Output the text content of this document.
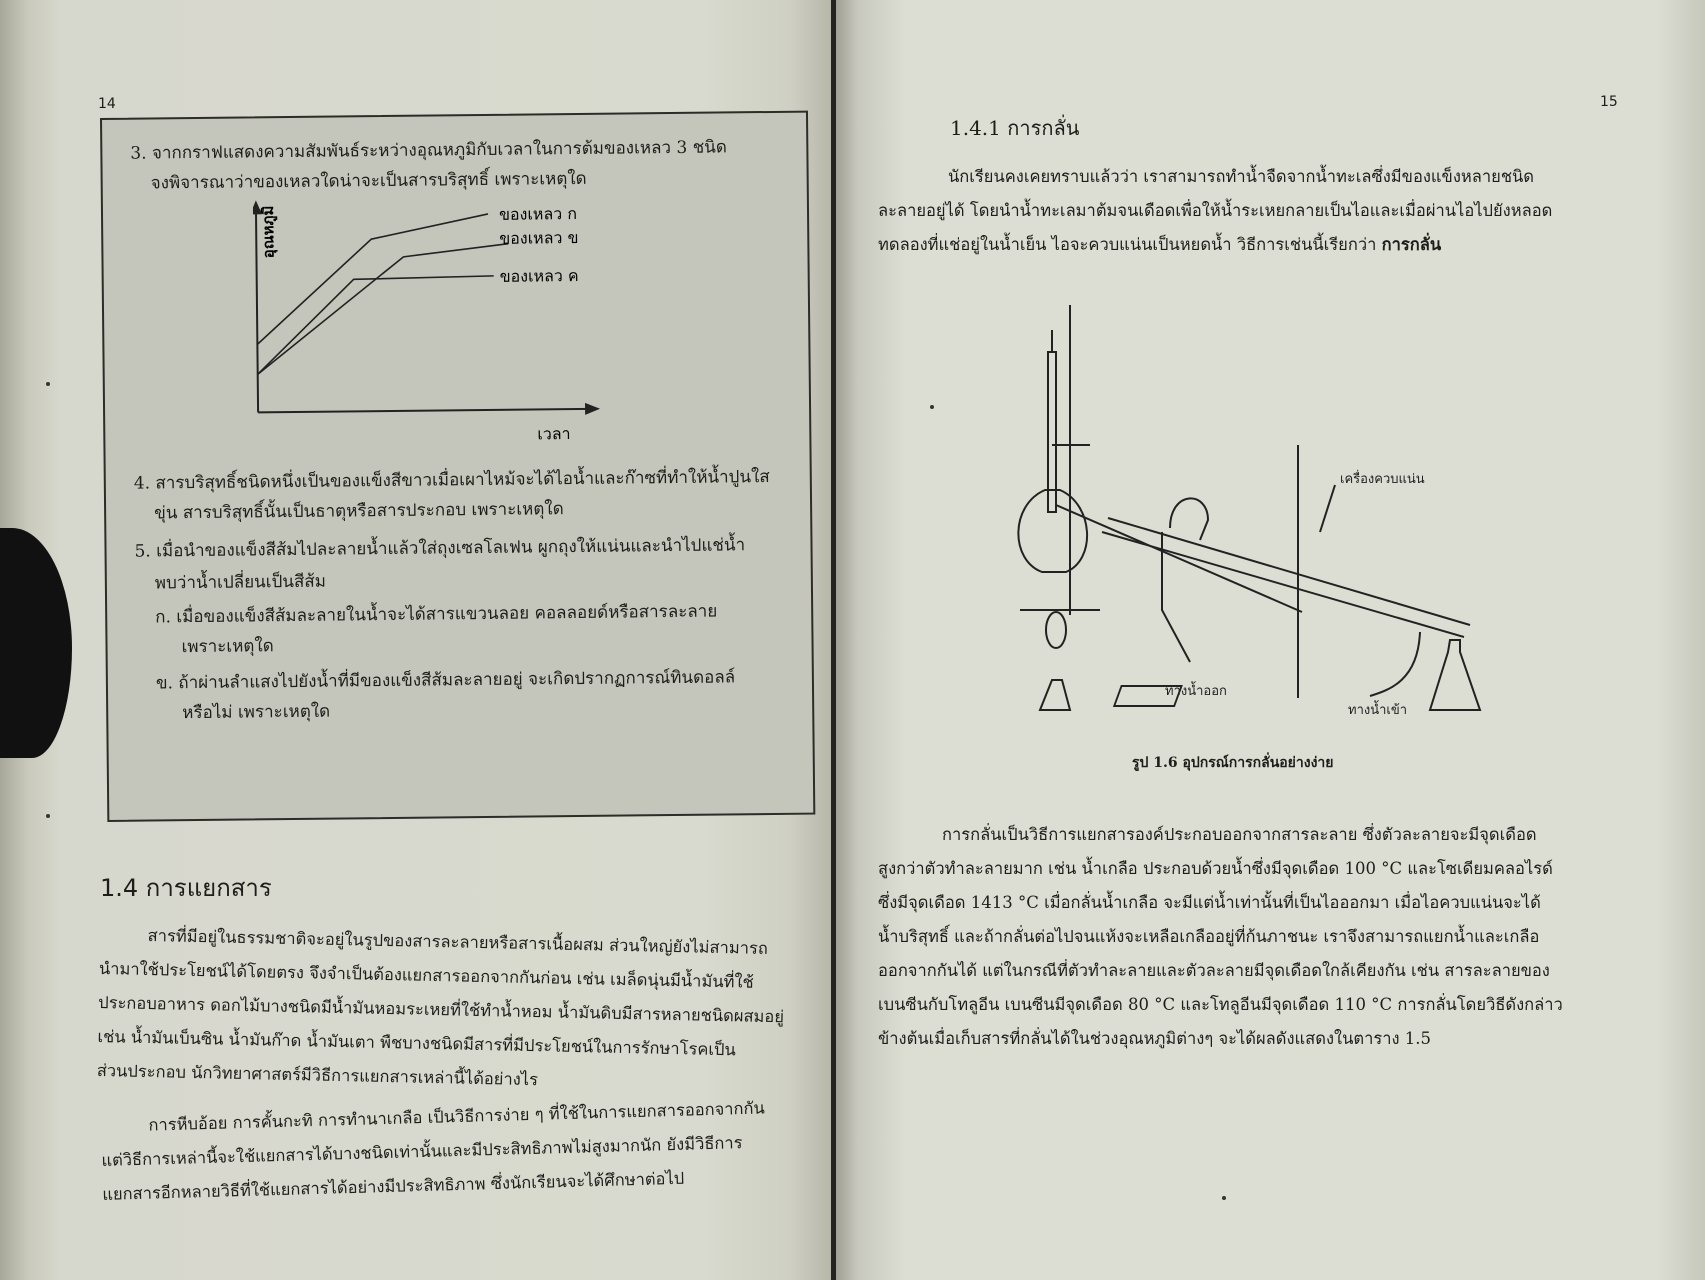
14
3. จากกราฟแสดงความสัมพันธ์ระหว่างอุณหภูมิกับเวลาในการต้มของเหลว 3 ชนิด
จงพิจารณาว่าของเหลวใดน่าจะเป็นสารบริสุทธิ์ เพราะเหตุใด
อุณหภูมิ
เวลา
ของเหลว ก
ของเหลว ข
ของเหลว ค
4. สารบริสุทธิ์ชนิดหนึ่งเป็นของแข็งสีขาวเมื่อเผาไหม้จะได้ไอน้ำและก๊าซที่ทำให้น้ำปูนใส
ขุ่น สารบริสุทธิ์นั้นเป็นธาตุหรือสารประกอบ เพราะเหตุใด
5. เมื่อนำของแข็งสีส้มไปละลายน้ำแล้วใส่ถุงเซลโลเฟน ผูกถุงให้แน่นและนำไปแช่น้ำ
พบว่าน้ำเปลี่ยนเป็นสีส้ม
ก. เมื่อของแข็งสีส้มละลายในน้ำจะได้สารแขวนลอย คอลลอยด์หรือสารละลาย
เพราะเหตุใด
ข. ถ้าผ่านลำแสงไปยังน้ำที่มีของแข็งสีส้มละลายอยู่ จะเกิดปรากฏการณ์ทินดอลล์
หรือไม่ เพราะเหตุใด
1.4 การแยกสาร
สารที่มีอยู่ในธรรมชาติจะอยู่ในรูปของสารละลายหรือสารเนื้อผสม ส่วนใหญ่ยังไม่สามารถ
นำมาใช้ประโยชน์ได้โดยตรง จึงจำเป็นต้องแยกสารออกจากกันก่อน เช่น เมล็ดนุ่นมีน้ำมันที่ใช้
ประกอบอาหาร ดอกไม้บางชนิดมีน้ำมันหอมระเหยที่ใช้ทำน้ำหอม น้ำมันดิบมีสารหลายชนิดผสมอยู่
เช่น น้ำมันเบ็นซิน น้ำมันก๊าด น้ำมันเตา พืชบางชนิดมีสารที่มีประโยชน์ในการรักษาโรคเป็น
ส่วนประกอบ นักวิทยาศาสตร์มีวิธีการแยกสารเหล่านี้ได้อย่างไร
การหีบอ้อย การคั้นกะทิ การทำนาเกลือ เป็นวิธีการง่าย ๆ ที่ใช้ในการแยกสารออกจากกัน
แต่วิธีการเหล่านี้จะใช้แยกสารได้บางชนิดเท่านั้นและมีประสิทธิภาพไม่สูงมากนัก ยังมีวิธีการ
แยกสารอีกหลายวิธีที่ใช้แยกสารได้อย่างมีประสิทธิภาพ ซึ่งนักเรียนจะได้ศึกษาต่อไป
15
1.4.1 การกลั่น
นักเรียนคงเคยทราบแล้วว่า เราสามารถทำน้ำจืดจากน้ำทะเลซึ่งมีของแข็งหลายชนิด
ละลายอยู่ได้ โดยนำน้ำทะเลมาต้มจนเดือดเพื่อให้น้ำระเหยกลายเป็นไอและเมื่อผ่านไอไปยังหลอด
ทดลองที่แช่อยู่ในน้ำเย็น ไอจะควบแน่นเป็นหยดน้ำ วิธีการเช่นนี้เรียกว่า การกลั่น
เครื่องควบแน่น
ทางน้ำออก
ทางน้ำเข้า
รูป 1.6 อุปกรณ์การกลั่นอย่างง่าย
การกลั่นเป็นวิธีการแยกสารองค์ประกอบออกจากสารละลาย ซึ่งตัวละลายจะมีจุดเดือด
สูงกว่าตัวทำละลายมาก เช่น น้ำเกลือ ประกอบด้วยน้ำซึ่งมีจุดเดือด 100 °C และโซเดียมคลอไรด์
ซึ่งมีจุดเดือด 1413 °C เมื่อกลั่นน้ำเกลือ จะมีแต่น้ำเท่านั้นที่เป็นไอออกมา เมื่อไอควบแน่นจะได้
น้ำบริสุทธิ์ และถ้ากลั่นต่อไปจนแห้งจะเหลือเกลืออยู่ที่ก้นภาชนะ เราจึงสามารถแยกน้ำและเกลือ
ออกจากกันได้ แต่ในกรณีที่ตัวทำละลายและตัวละลายมีจุดเดือดใกล้เคียงกัน เช่น สารละลายของ
เบนซีนกับโทลูอีน เบนซีนมีจุดเดือด 80 °C และโทลูอีนมีจุดเดือด 110 °C การกลั่นโดยวิธีดังกล่าว
ข้างต้นเมื่อเก็บสารที่กลั่นได้ในช่วงอุณหภูมิต่างๆ จะได้ผลดังแสดงในตาราง 1.5
